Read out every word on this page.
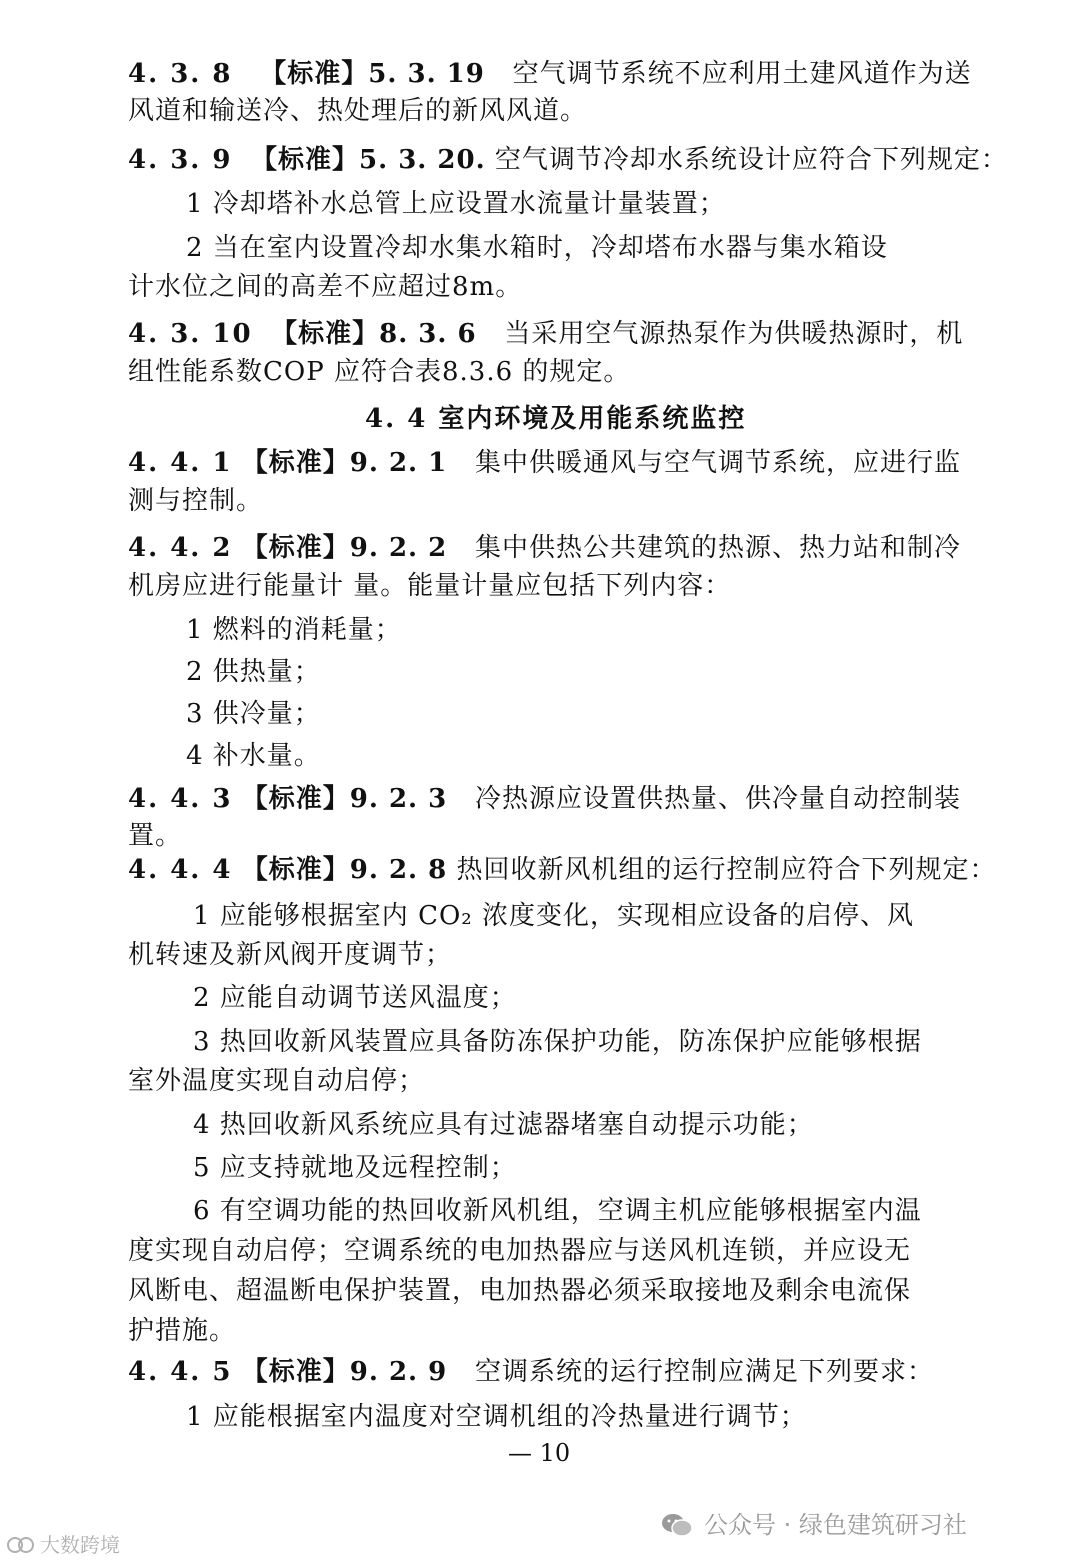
4. 3. 8 【标准】5. 3. 19 空气调节系统不应利用土建风道作为送
风道和输送冷、热处理后的新风风道。
4. 3. 9 【标准】5. 3. 20. 空气调节冷却水系统设计应符合下列规定：
1 冷却塔补水总管上应设置水流量计量装置；
2 当在室内设置冷却水集水箱时，冷却塔布水器与集水箱设
计水位之间的高差不应超过8m。
4. 3. 10 【标准】8. 3. 6 当采用空气源热泵作为供暖热源时，机
组性能系数COP 应符合表8.3.6 的规定。
4. 4 室内环境及用能系统监控
4. 4. 1 【标准】9. 2. 1 集中供暖通风与空气调节系统，应进行监
测与控制。
4. 4. 2 【标准】9. 2. 2 集中供热公共建筑的热源、热力站和制冷
机房应进行能量计 量。能量计量应包括下列内容：
1 燃料的消耗量；
2 供热量；
3 供冷量；
4 补水量。
4. 4. 3 【标准】9. 2. 3 冷热源应设置供热量、供冷量自动控制装
置。
4. 4. 4 【标准】9. 2. 8 热回收新风机组的运行控制应符合下列规定：
1 应能够根据室内 CO₂ 浓度变化，实现相应设备的启停、风
机转速及新风阀开度调节；
2 应能自动调节送风温度；
3 热回收新风装置应具备防冻保护功能，防冻保护应能够根据
室外温度实现自动启停；
4 热回收新风系统应具有过滤器堵塞自动提示功能；
5 应支持就地及远程控制；
6 有空调功能的热回收新风机组，空调主机应能够根据室内温
度实现自动启停；空调系统的电加热器应与送风机连锁，并应设无
风断电、超温断电保护装置，电加热器必须采取接地及剩余电流保
护措施。
4. 4. 5 【标准】9. 2. 9 空调系统的运行控制应满足下列要求：
1 应能根据室内温度对空调机组的冷热量进行调节；
— 10
公众号 · 绿色建筑研习社
大数跨境
